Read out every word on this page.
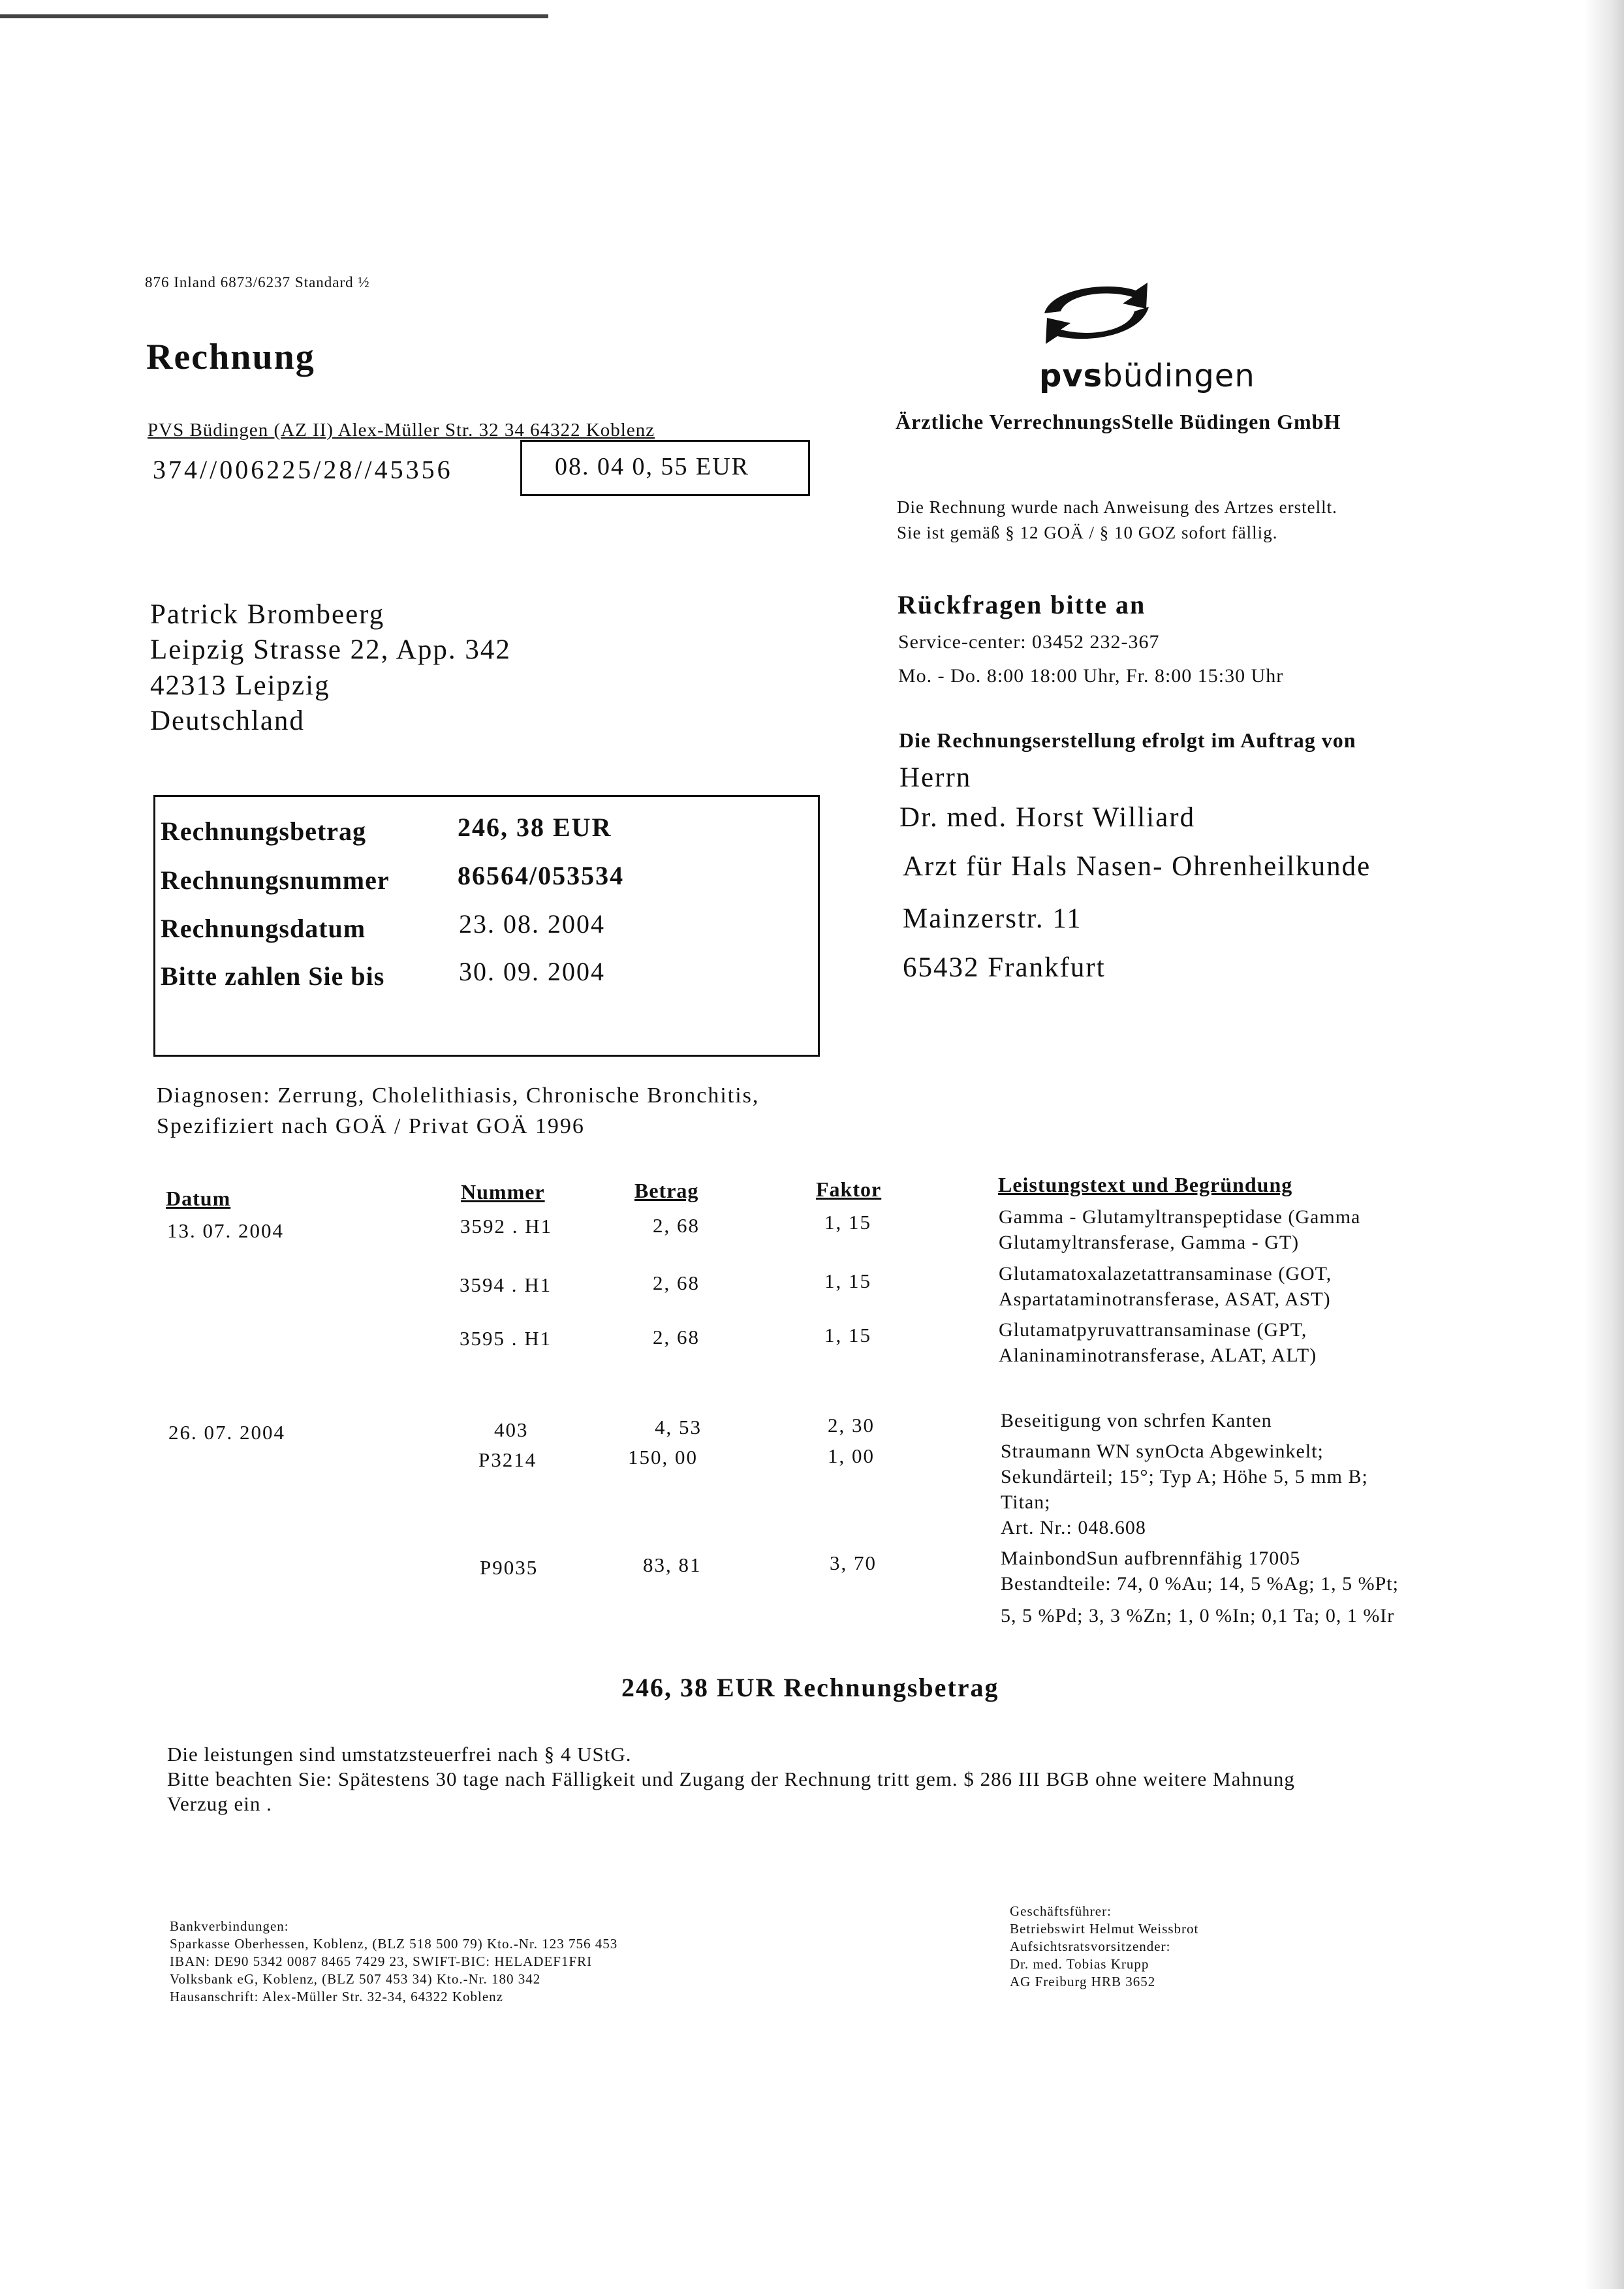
876 Inland 6873/6237 Standard ½
Rechnung
PVS Büdingen (AZ II) Alex-Müller Str. 32 34 64322 Koblenz
374//006225/28//45356	08. 04 0, 55 EUR
pvsbüdingen
Ärztliche VerrechnungsStelle Büdingen GmbH
Die Rechnung wurde nach Anweisung des Artzes erstellt.
Sie ist gemäß § 12 GOÄ / § 10 GOZ sofort fällig.
Patrick Brombeerg
Leipzig Strasse 22, App. 342
42313 Leipzig
Deutschland
Rückfragen bitte an
Service-center: 03452 232-367
Mo. - Do. 8:00 18:00 Uhr, Fr. 8:00 15:30 Uhr
Die Rechnungserstellung efrolgt im Auftrag von
Herrn
Dr. med. Horst Williard
Arzt für Hals Nasen- Ohrenheilkunde
Mainzerstr. 11
65432 Frankfurt
Rechnungsbetrag	246, 38 EUR
Rechnungsnummer	86564/053534
Rechnungsdatum	23. 08. 2004
Bitte zahlen Sie bis	30. 09. 2004
Diagnosen: Zerrung, Cholelithiasis, Chronische Bronchitis,
Spezifiziert nach GOÄ / Privat GOÄ 1996
Datum	Nummer	Betrag	Faktor	Leistungstext und Begründung
13. 07. 2004	3592 . H1	2, 68	1, 15	Gamma - Glutamyltranspeptidase (Gamma
Glutamyltransferase, Gamma - GT)
3594 . H1	2, 68	1, 15	Glutamatoxalazetattransaminase (GOT,
Aspartataminotransferase, ASAT, AST)
3595 . H1	2, 68	1, 15	Glutamatpyruvattransaminase (GPT,
Alaninaminotransferase, ALAT, ALT)
26. 07. 2004	403	4, 53	2, 30	Beseitigung von schrfen Kanten
P3214	150, 00	1, 00	Straumann WN synOcta Abgewinkelt;
Sekundärteil; 15°; Typ A; Höhe 5, 5 mm B;
Titan;
Art. Nr.: 048.608
P9035	83, 81	3, 70	MainbondSun aufbrennfähig 17005
Bestandteile: 74, 0 %Au; 14, 5 %Ag; 1, 5 %Pt;
5, 5 %Pd; 3, 3 %Zn; 1, 0 %In; 0,1 Ta; 0, 1 %Ir
246, 38 EUR Rechnungsbetrag
Die leistungen sind umstatzsteuerfrei nach § 4 UStG.
Bitte beachten Sie: Spätestens 30 tage nach Fälligkeit und Zugang der Rechnung tritt gem. $ 286 III BGB ohne weitere Mahnung
Verzug ein .
Bankverbindungen:
Sparkasse Oberhessen, Koblenz, (BLZ 518 500 79) Kto.-Nr. 123 756 453
IBAN: DE90 5342 0087 8465 7429 23, SWIFT-BIC: HELADEF1FRI
Volksbank eG, Koblenz, (BLZ 507 453 34) Kto.-Nr. 180 342
Hausanschrift: Alex-Müller Str. 32-34, 64322 Koblenz
Geschäftsführer:
Betriebswirt Helmut Weissbrot
Aufsichtsratsvorsitzender:
Dr. med. Tobias Krupp
AG Freiburg HRB 3652
